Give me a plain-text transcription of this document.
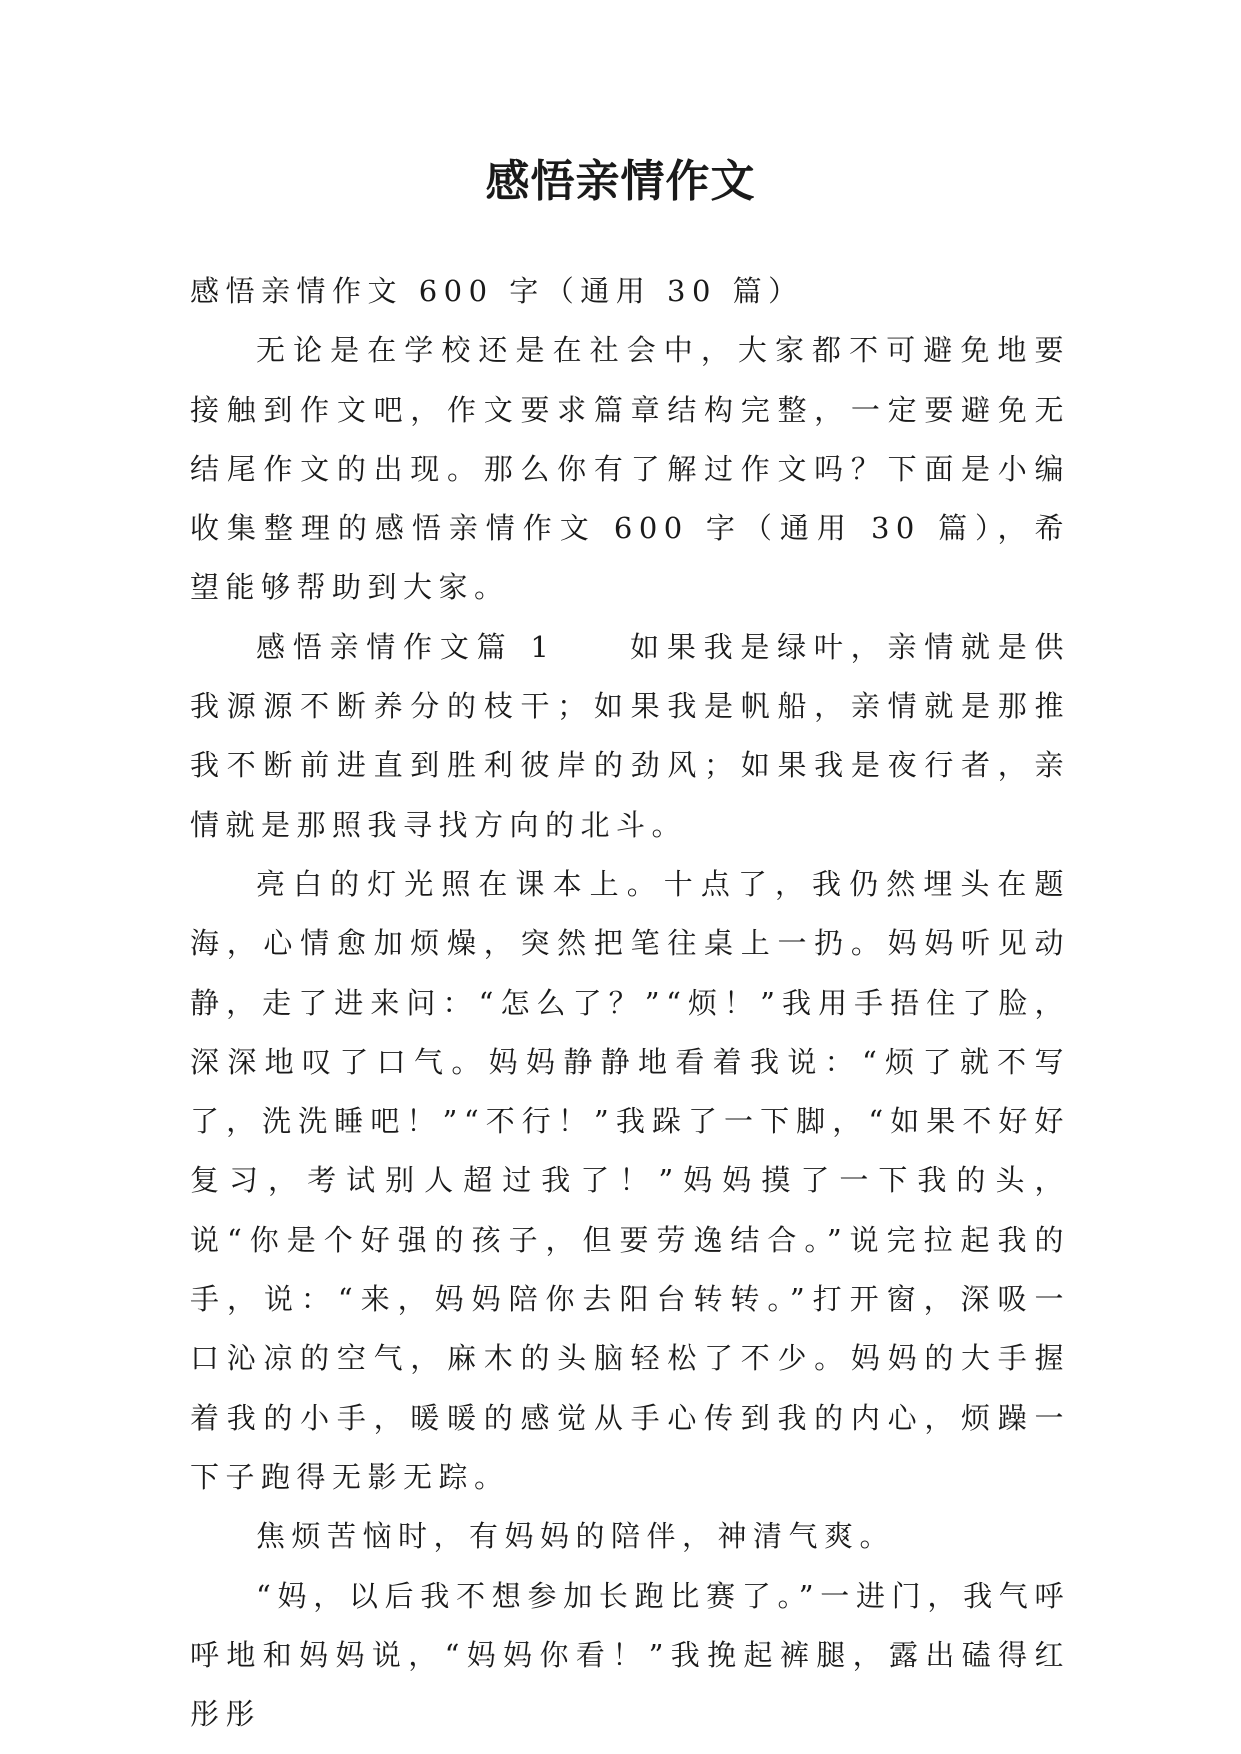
感悟亲情作文

感悟亲情作文 600 字（通用 30 篇）

无论是在学校还是在社会中，大家都不可避免地要接触到作文吧，作文要求篇章结构完整，一定要避免无结尾作文的出现。那么你有了解过作文吗？下面是小编收集整理的感悟亲情作文 600 字（通用 30 篇），希望能够帮助到大家。

感悟亲情作文篇 1　　如果我是绿叶，亲情就是供我源源不断养分的枝干；如果我是帆船，亲情就是那推我不断前进直到胜利彼岸的劲风；如果我是夜行者，亲情就是那照我寻找方向的北斗。

亮白的灯光照在课本上。十点了，我仍然埋头在题海，心情愈加烦燥，突然把笔往桌上一扔。妈妈听见动静，走了进来问：“怎么了？”“烦！”我用手捂住了脸，深深地叹了口气。妈妈静静地看着我说：“烦了就不写了，洗洗睡吧！”“不行！”我跺了一下脚，“如果不好好复习，考试别人超过我了！”妈妈摸了一下我的头，说“你是个好强的孩子，但要劳逸结合。”说完拉起我的手，说：“来，妈妈陪你去阳台转转。”打开窗，深吸一口沁凉的空气，麻木的头脑轻松了不少。妈妈的大手握着我的小手，暖暖的感觉从手心传到我的内心，烦躁一下子跑得无影无踪。

焦烦苦恼时，有妈妈的陪伴，神清气爽。

“妈，以后我不想参加长跑比赛了。”一进门，我气呼呼地和妈妈说，“妈妈你看！”我挽起裤腿，露出磕得红彤彤
